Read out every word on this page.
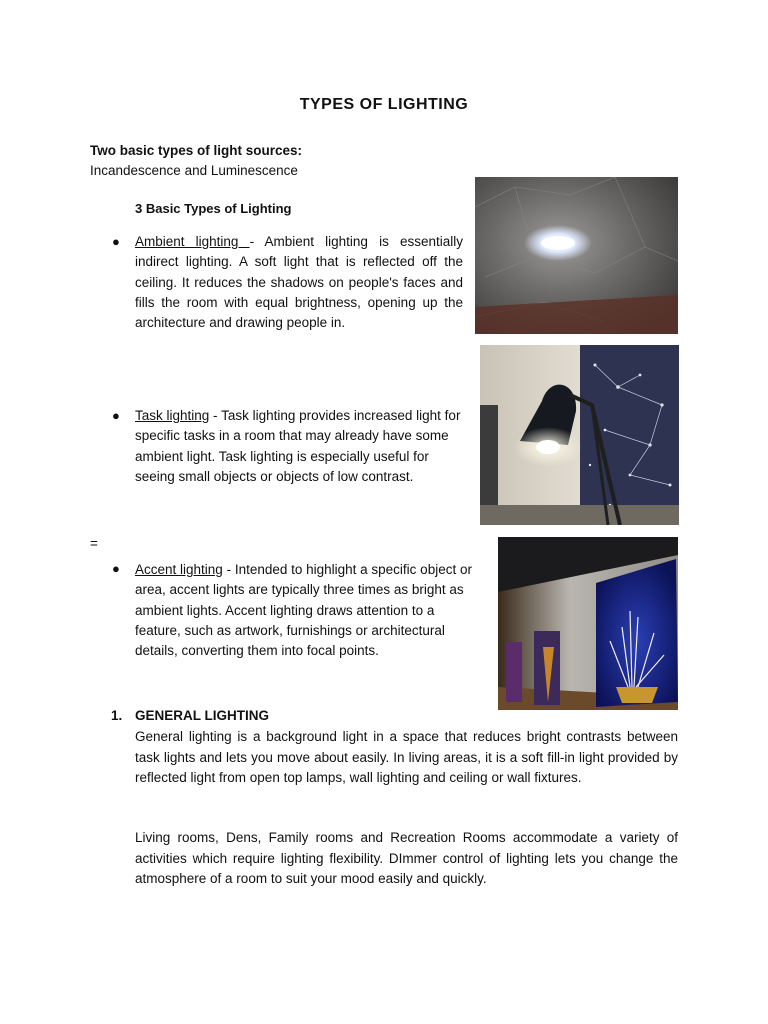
TYPES OF LIGHTING
Two basic types of light sources:
Incandescence and Luminescence
3 Basic Types of Lighting
● Ambient lighting - Ambient lighting is essentially indirect lighting. A soft light that is reflected off the ceiling. It reduces the shadows on people's faces and fills the room with equal brightness, opening up the architecture and drawing people in.

● Task lighting - Task lighting provides increased light for specific tasks in a room that may already have some ambient light. Task lighting is especially useful for seeing small objects or objects of low contrast.

=
● Accent lighting - Intended to highlight a specific object or area, accent lights are typically three times as bright as ambient lights. Accent lighting draws attention to a feature, such as artwork, furnishings or architectural details, converting them into focal points.

1. GENERAL LIGHTING
General lighting is a background light in a space that reduces bright contrasts between task lights and lets you move about easily. In living areas, it is a soft fill-in light provided by reflected light from open top lamps, wall lighting and ceiling or wall fixtures.
Living rooms, Dens, Family rooms and Recreation Rooms accommodate a variety of activities which require lighting flexibility. DImmer control of lighting lets you change the atmosphere of a room to suit your mood easily and quickly.
